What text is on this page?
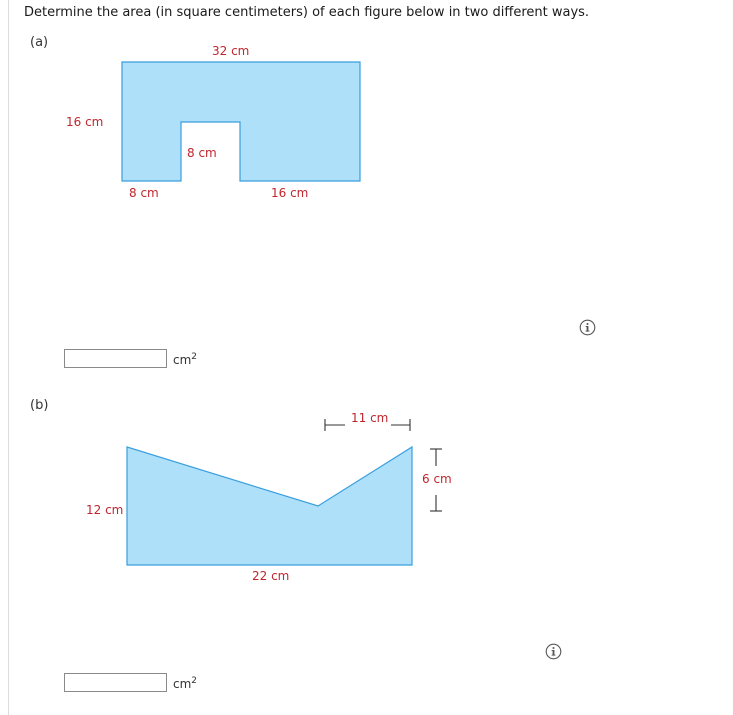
Determine the area (in square centimeters) of each figure below in two different ways.
(a)
32 cm
16 cm
8 cm
8 cm	16 cm
$cm^2$
(b)
11 cm
6 cm
12 cm
22 cm
$cm^2$
